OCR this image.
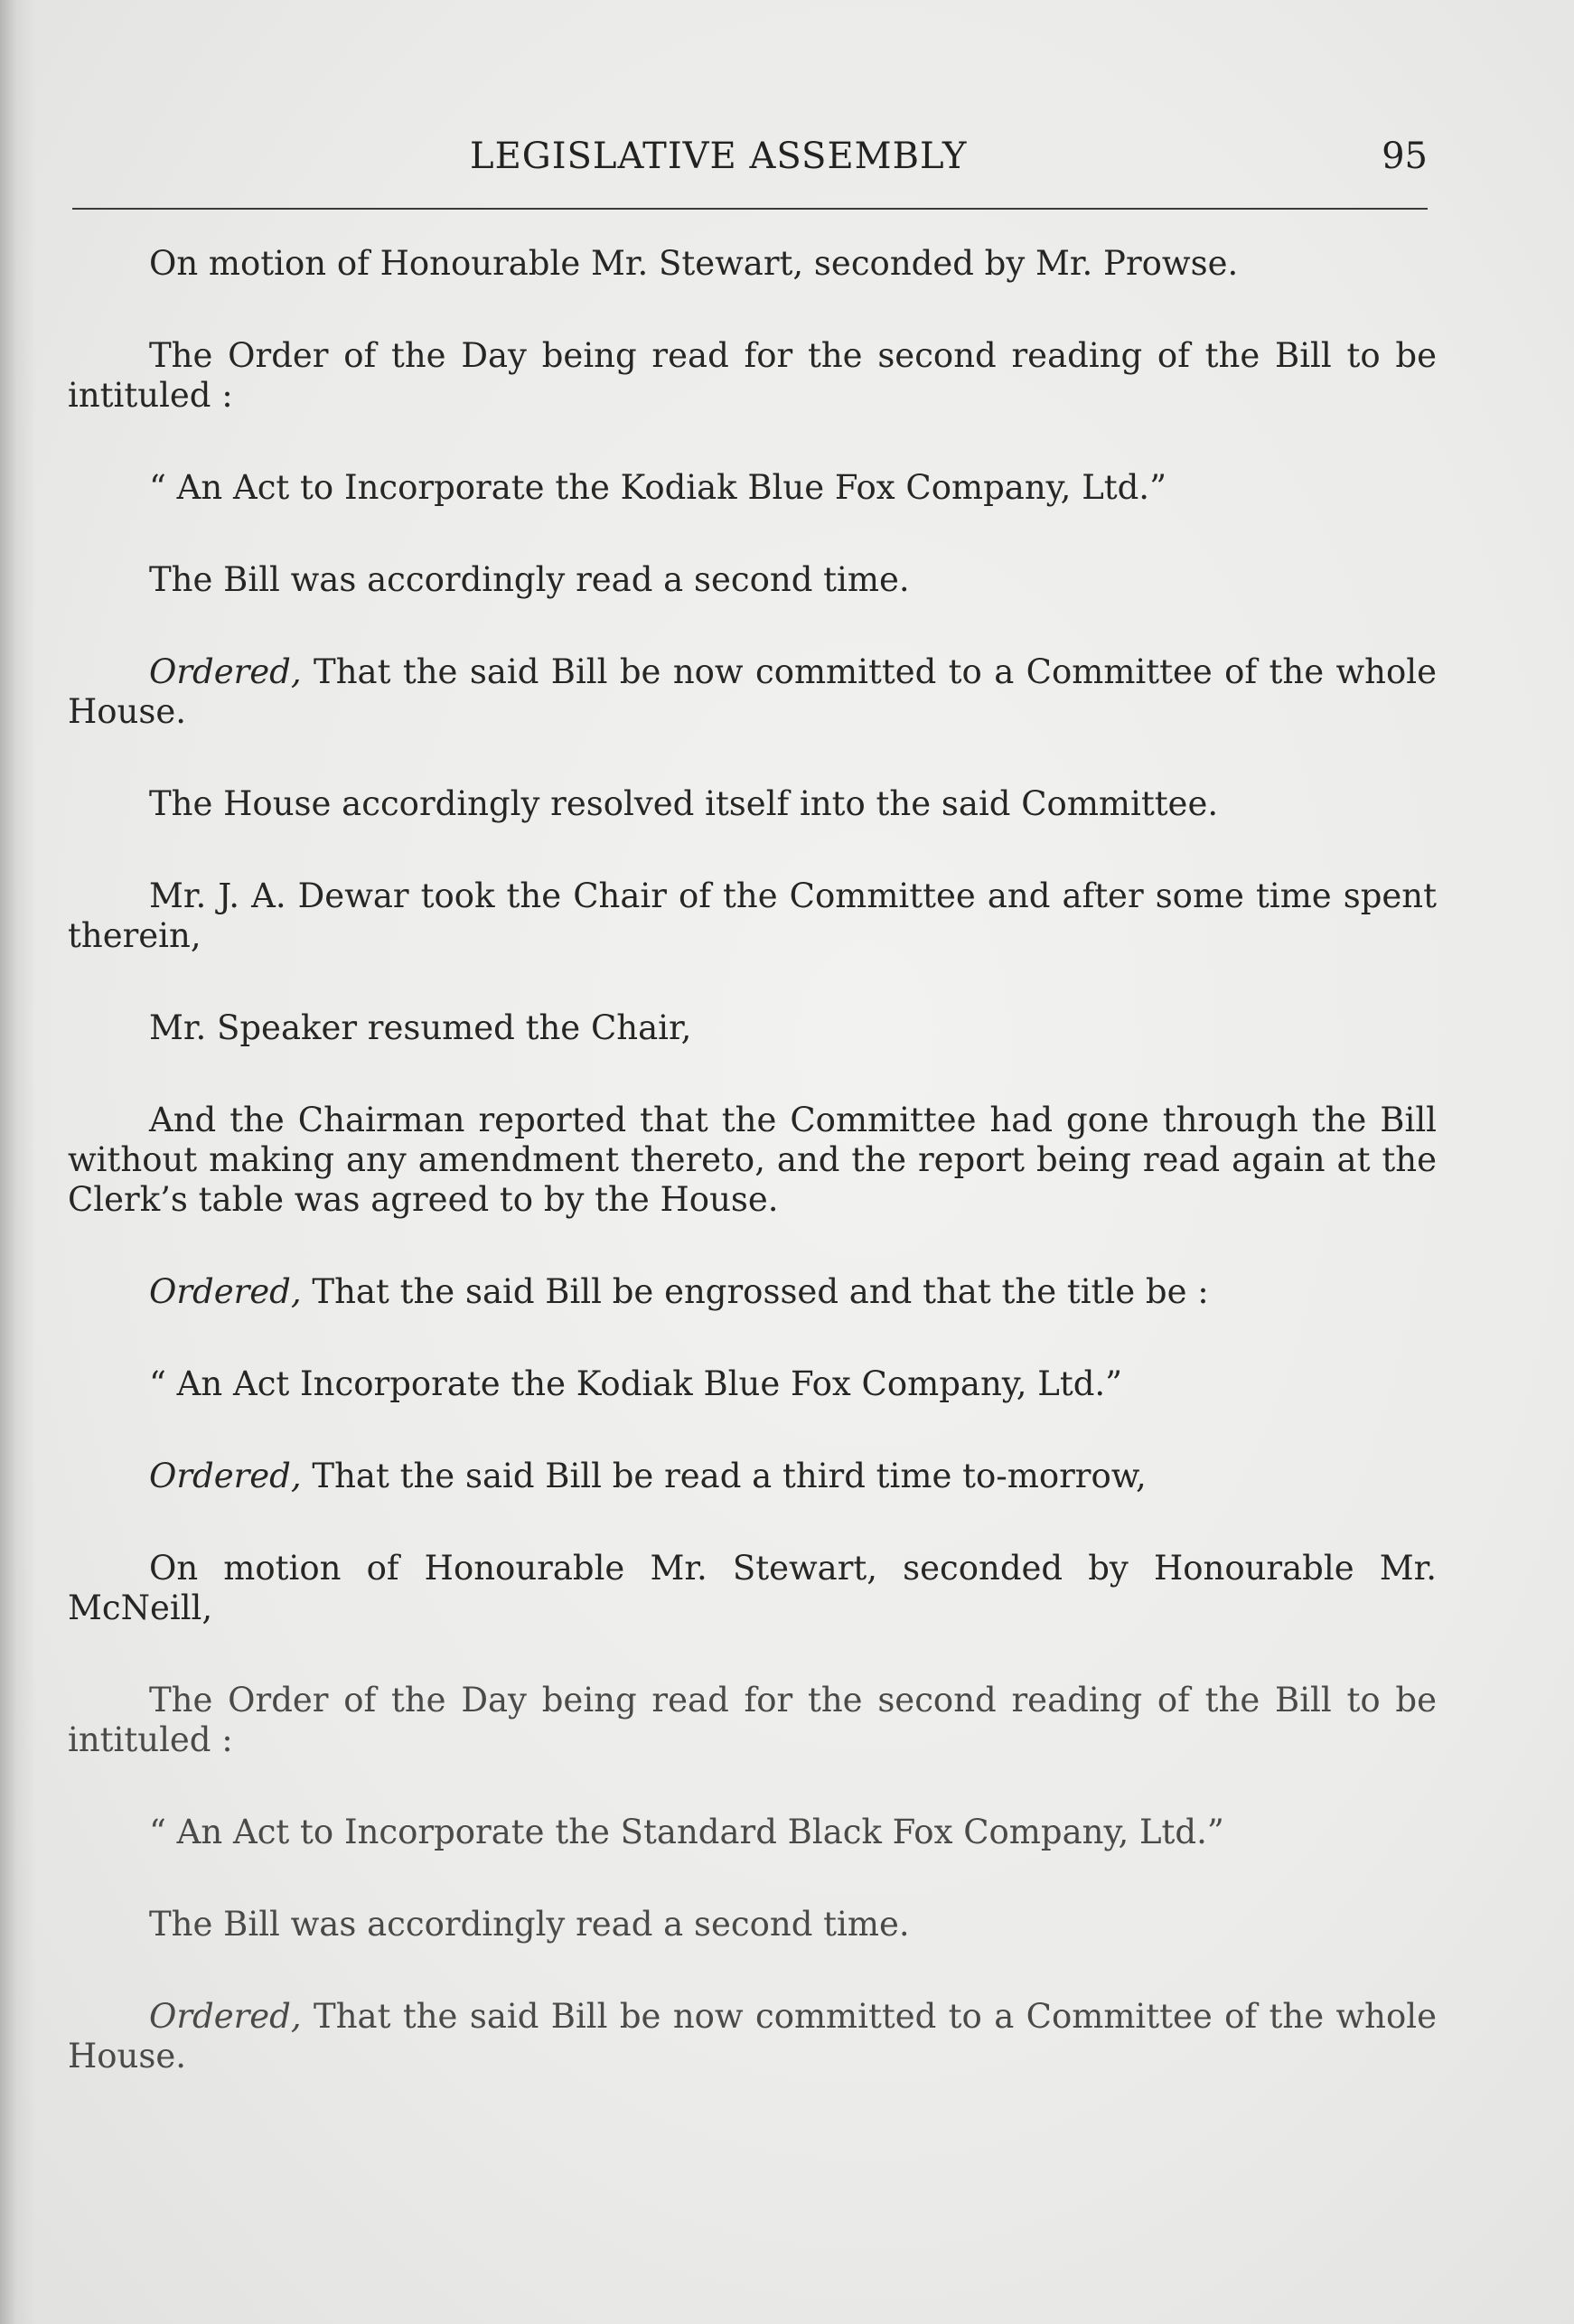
LEGISLATIVE ASSEMBLY	95

On motion of Honourable Mr. Stewart, seconded by Mr. Prowse.

The Order of the Day being read for the second reading of the Bill to be intituled :

“ An Act to Incorporate the Kodiak Blue Fox Company, Ltd.”

The Bill was accordingly read a second time.

Ordered, That the said Bill be now committed to a Committee of the whole House.

The House accordingly resolved itself into the said Committee.

Mr. J. A. Dewar took the Chair of the Committee and after some time spent therein,

Mr. Speaker resumed the Chair,

And the Chairman reported that the Committee had gone through the Bill without making any amendment thereto, and the report being read again at the Clerk’s table was agreed to by the House.

Ordered, That the said Bill be engrossed and that the title be :

“ An Act Incorporate the Kodiak Blue Fox Company, Ltd.”

Ordered, That the said Bill be read a third time to-morrow,

On motion of Honourable Mr. Stewart, seconded by Honourable Mr. McNeill,

The Order of the Day being read for the second reading of the Bill to be intituled :

“ An Act to Incorporate the Standard Black Fox Company, Ltd.”

The Bill was accordingly read a second time.

Ordered, That the said Bill be now committed to a Committee of the whole House.
